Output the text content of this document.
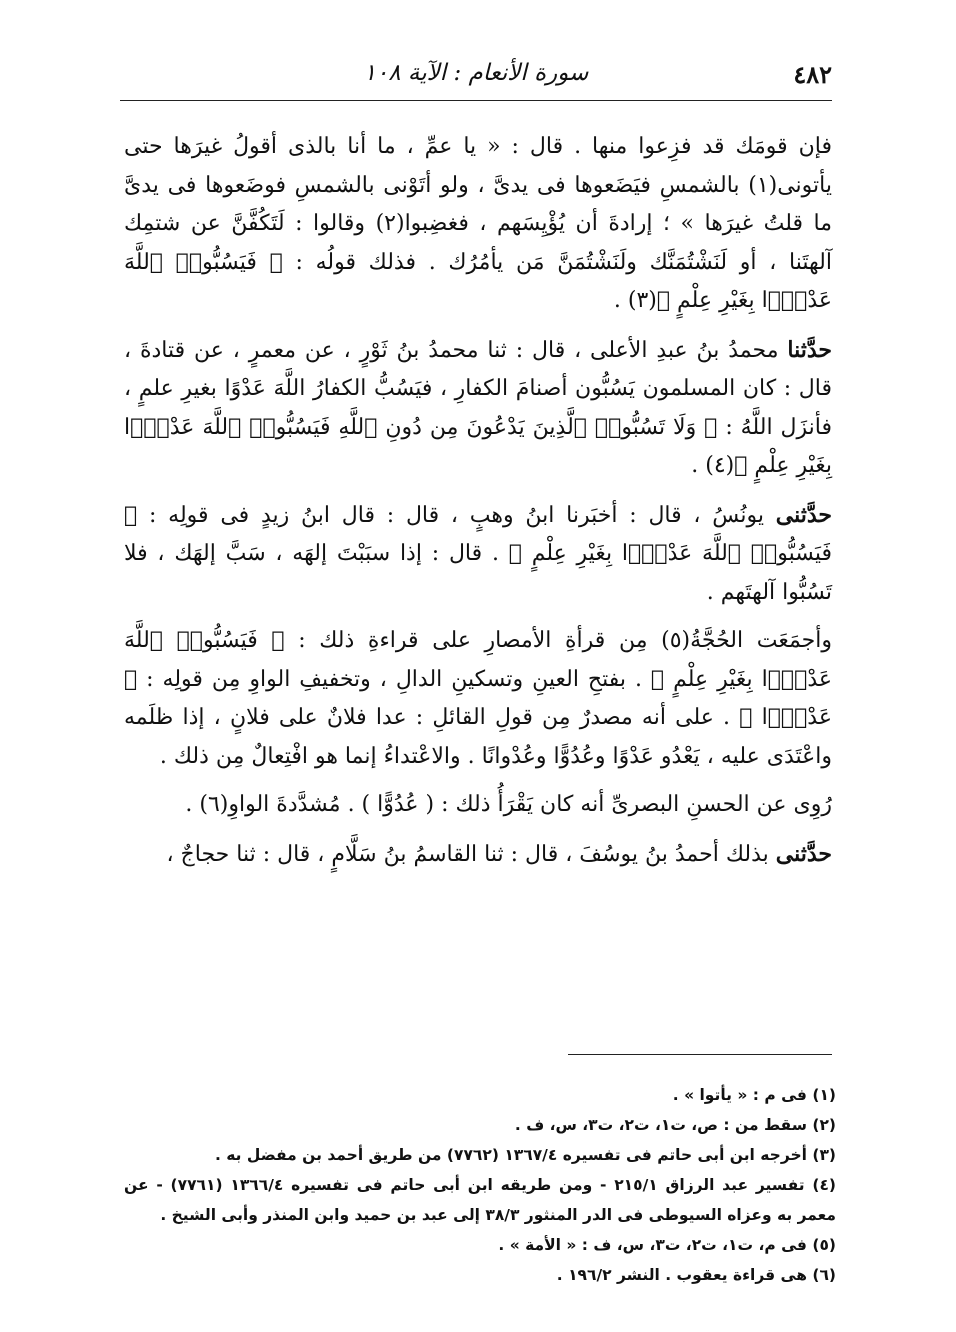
٤٨٢
سورة الأنعام : الآية ١٠٨

فإن قومَك قد فزِعوا منها . قال : « يا عمِّ ، ما أنا بالذى أقولُ غيرَها حتى يأتونى(١) بالشمسِ فيَضَعوها فى يدىَّ ، ولو أتَوْنى بالشمسِ فوضَعوها فى يدىَّ ما قلتُ غيرَها » ؛ إرادةَ أن يُؤْيِسَهم ، فغضِبوا(٢) وقالوا : لَتَكُفَّنَّ عن شتمِك آلهتَنا ، أو لَنَشْتُمَنَّك ولَنَشْتُمَنَّ مَن يأمُرُك . فذلك قولُه : ﴿ فَيَسُبُّوا۟ ٱللَّهَ عَدْوًۢا بِغَيْرِ عِلْمٍ ﴾(٣) .

حدَّثنا محمدُ بنُ عبدِ الأعلى ، قال : ثنا محمدُ بنُ ثَوْرٍ ، عن معمرٍ ، عن قتادةَ ، قال : كان المسلمون يَسُبُّون أصنامَ الكفارِ ، فيَسُبُّ الكفارُ اللَّهَ عَدْوًا بغيرِ علمٍ ، فأنزَل اللَّهُ : ﴿ وَلَا تَسُبُّوا۟ ٱلَّذِينَ يَدْعُونَ مِن دُونِ ٱللَّهِ فَيَسُبُّوا۟ ٱللَّهَ عَدْوًۢا بِغَيْرِ عِلْمٍ ﴾(٤) .

حدَّثنى يونُسُ ، قال : أخبَرنا ابنُ وهبٍ ، قال : قال ابنُ زيدٍ فى قولِه : ﴿ فَيَسُبُّوا۟ ٱللَّهَ عَدْوًۢا بِغَيْرِ عِلْمٍ ﴾ . قال : إذا سبَبْتَ إلهَه ، سَبَّ إلهَك ، فلا تَسُبُّوا آلهتَهم .

وأجمَعَت الحُجَّةُ(٥) مِن قرأةِ الأمصارِ على قراءةِ ذلك : ﴿ فَيَسُبُّوا۟ ٱللَّهَ عَدْوًۢا بِغَيْرِ عِلْمٍ ﴾ . بفتحِ العينِ وتسكينِ الدالِ ، وتخفيفِ الواوِ مِن قولِه : ﴿ عَدْوًۢا ﴾ . على أنه مصدرٌ مِن قولِ القائلِ : عدا فلانٌ على فلانٍ ، إذا ظلَمه واعْتَدَى عليه ، يَعْدُو عَدْوًا وعُدُوًّا وعُدْوانًا . والاعْتداءُ إنما هو افْتِعالٌ مِن ذلك .

رُوِى عن الحسنِ البصرىِّ أنه كان يَقْرَأُ ذلك : ( عُدُوًّا ) . مُشدَّدةَ الواوِ(٦) .

حدَّثنى بذلك أحمدُ بنُ يوسُفَ ، قال : ثنا القاسمُ بنُ سَلَّامٍ ، قال : ثنا حجاجٌ ،

(١) فى م : « يأتوا » .

(٢) سقط من : ص، ت١، ت٢، ت٣، س، ف .

(٣) أخرجه ابن أبى حاتم فى تفسيره ١٣٦٧/٤ (٧٧٦٢) من طريق أحمد بن مفضل به .

(٤) تفسير عبد الرزاق ٢١٥/١ - ومن طريقه ابن أبى حاتم فى تفسيره ١٣٦٦/٤ (٧٧٦١) - عن معمر به وعزاه السيوطى فى الدر المنثور ٣٨/٣ إلى عبد بن حميد وابن المنذر وأبى الشيخ .

(٥) فى م، ت١، ت٢، ت٣، س، ف : « الأمة » .

(٦) هى قراءة يعقوب . النشر ١٩٦/٢ .
